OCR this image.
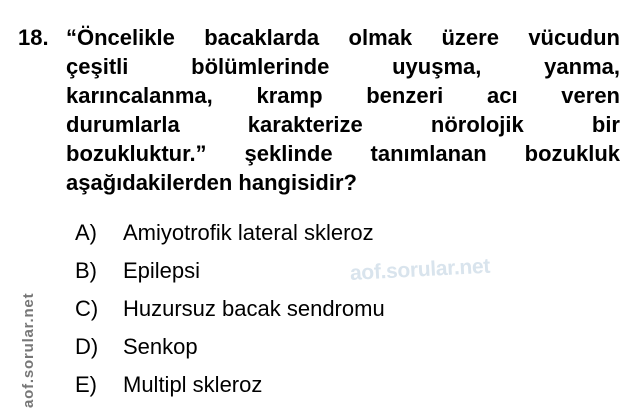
aof.sorular.net
aof.sorular.net
18. “Öncelikle bacaklarda olmak üzere vücudun
çeşitli bölümlerinde uyuşma, yanma,
karıncalanma, kramp benzeri acı veren
durumlarla karakterize nörolojik bir
bozukluktur.” şeklinde tanımlanan bozukluk
aşağıdakilerden hangisidir?
A)	Amiyotrofik lateral skleroz
B)	Epilepsi
C)	Huzursuz bacak sendromu
D)	Senkop
E)	Multipl skleroz
